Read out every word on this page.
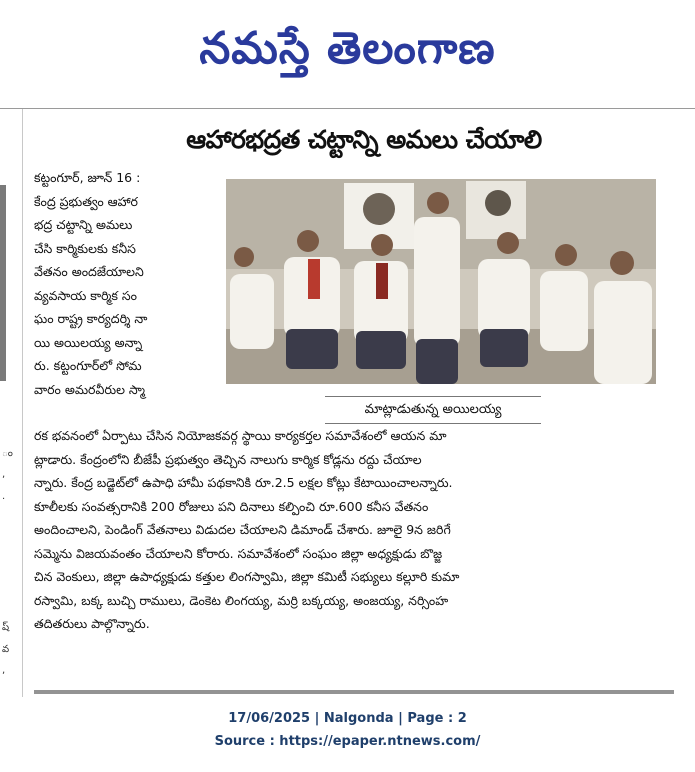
నమస్తే తెలంగాణ
ం
,
.
ష్
వ
,
ఆహారభద్రత చట్టాన్ని అమలు చేయాలి
కట్టంగూర్, జూన్ 16 :
కేంద్ర ప్రభుత్వం ఆహార
భద్ర చట్టాన్ని అమలు
చేసి కార్మికులకు కనీస
వేతనం అందజేయాలని
వ్యవసాయ కార్మిక సం
ఘం రాష్ట్ర కార్యదర్శి నా
యి అయిలయ్య అన్నా
రు. కట్టంగూర్‌లో సోమ
వారం అమరవీరుల స్మా
మాట్లాడుతున్న అయిలయ్య
రక భవనంలో ఏర్పాటు చేసిన నియోజకవర్గ స్థాయి కార్యకర్తల సమావేశంలో ఆయన మా
ట్లాడారు. కేంద్రంలోని బీజేపీ ప్రభుత్వం తెచ్చిన నాలుగు కార్మిక కోడ్లను రద్దు చేయాల
న్నారు. కేంద్ర బడ్జెట్‌లో ఉపాధి హామీ పథకానికి రూ.2.5 లక్షల కోట్లు కేటాయించాలన్నారు.
కూలీలకు సంవత్సరానికి 200 రోజులు పని దినాలు కల్పించి రూ.600 కనీస వేతనం
అందించాలని, పెండింగ్ వేతనాలు విడుదల చేయాలని డిమాండ్ చేశారు. జూలై 9న జరిగే
సమ్మెను విజయవంతం చేయాలని కోరారు. సమావేశంలో సంఘం జిల్లా అధ్యక్షుడు బొజ్జ
చిన వెంకులు, జిల్లా ఉపాధ్యక్షుడు కత్తుల లింగస్వామి, జిల్లా కమిటీ సభ్యులు కల్లూరి కుమా
రస్వామి, బక్క బుచ్చి రాములు, డెంకెట లింగయ్య, మర్రి బక్కయ్య, అంజయ్య, నర్సింహ
తదితరులు పాల్గొన్నారు.
17/06/2025 | Nalgonda | Page : 2
Source : https://epaper.ntnews.com/
